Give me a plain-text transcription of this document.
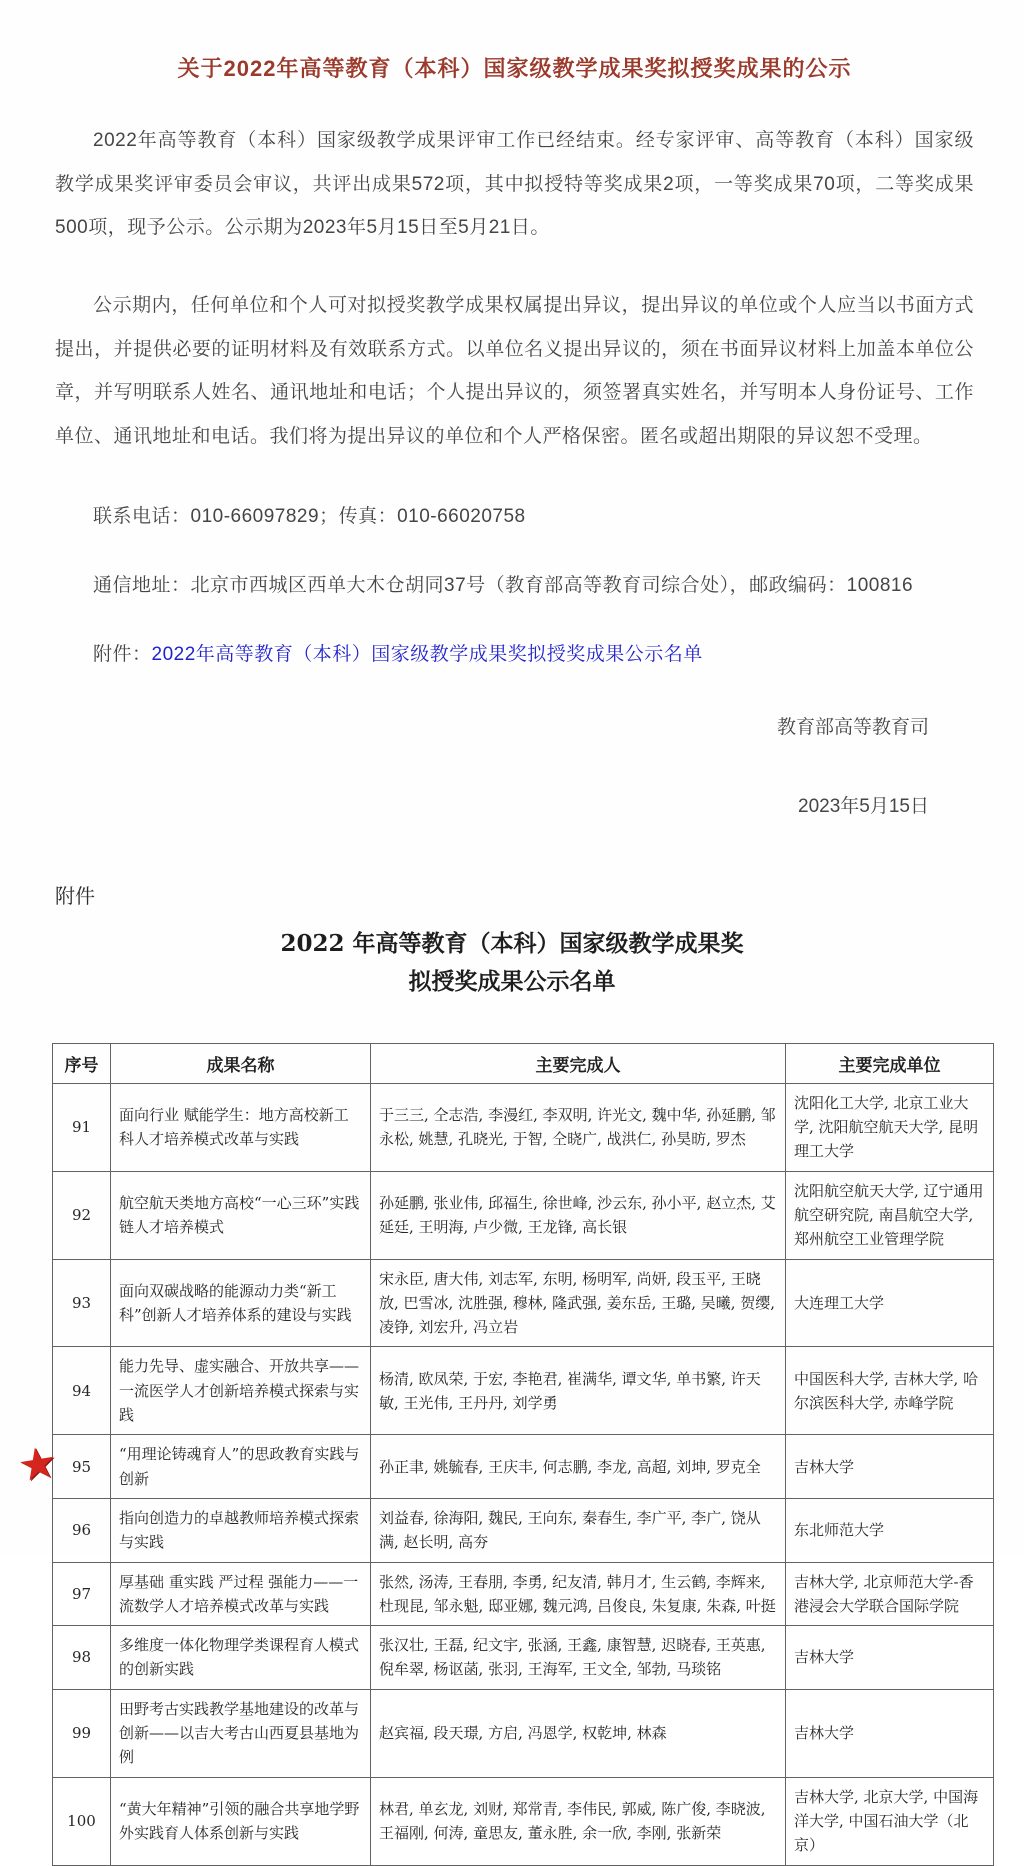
关于2022年高等教育（本科）国家级教学成果奖拟授奖成果的公示

2022年高等教育（本科）国家级教学成果评审工作已经结束。经专家评审、高等教育（本科）国家级教学成果奖评审委员会审议，共评出成果572项，其中拟授特等奖成果2项，一等奖成果70项，二等奖成果500项，现予公示。公示期为2023年5月15日至5月21日。

公示期内，任何单位和个人可对拟授奖教学成果权属提出异议，提出异议的单位或个人应当以书面方式提出，并提供必要的证明材料及有效联系方式。以单位名义提出异议的，须在书面异议材料上加盖本单位公章，并写明联系人姓名、通讯地址和电话；个人提出异议的，须签署真实姓名，并写明本人身份证号、工作单位、通讯地址和电话。我们将为提出异议的单位和个人严格保密。匿名或超出期限的异议恕不受理。

联系电话：010-66097829；传真：010-66020758

通信地址：北京市西城区西单大木仓胡同37号（教育部高等教育司综合处），邮政编码：100816

附件：2022年高等教育（本科）国家级教学成果奖拟授奖成果公示名单

教育部高等教育司

2023年5月15日

附件
2022 年高等教育（本科）国家级教学成果奖
拟授奖成果公示名单
序号	成果名称	主要完成人	主要完成单位
91	面向行业 赋能学生：地方高校新工科人才培养模式改革与实践	于三三, 仝志浩, 李漫红, 李双明, 许光文, 魏中华, 孙延鹏, 邹永松, 姚慧, 孔晓光, 于智, 仝晓广, 战洪仁, 孙昊昉, 罗杰	沈阳化工大学, 北京工业大学, 沈阳航空航天大学, 昆明理工大学
92	航空航天类地方高校“一心三环”实践链人才培养模式	孙延鹏, 张业伟, 邱福生, 徐世峰, 沙云东, 孙小平, 赵立杰, 艾延廷, 王明海, 卢少微, 王龙锋, 高长银	沈阳航空航天大学, 辽宁通用航空研究院, 南昌航空大学, 郑州航空工业管理学院
93	面向双碳战略的能源动力类“新工科”创新人才培养体系的建设与实践	宋永臣, 唐大伟, 刘志军, 东明, 杨明军, 尚妍, 段玉平, 王晓放, 巴雪冰, 沈胜强, 穆林, 隆武强, 姜东岳, 王璐, 吴曦, 贺缨, 凌铮, 刘宏升, 冯立岩	大连理工大学
94	能力先导、虚实融合、开放共享——一流医学人才创新培养模式探索与实践	杨清, 欧凤荣, 于宏, 李艳君, 崔满华, 谭文华, 单书繁, 许天敏, 王光伟, 王丹丹, 刘学勇	中国医科大学, 吉林大学, 哈尔滨医科大学, 赤峰学院
95	“用理论铸魂育人”的思政教育实践与创新	孙正聿, 姚毓春, 王庆丰, 何志鹏, 李龙, 高超, 刘坤, 罗克全	吉林大学
96	指向创造力的卓越教师培养模式探索与实践	刘益春, 徐海阳, 魏民, 王向东, 秦春生, 李广平, 李广, 饶从满, 赵长明, 高夯	东北师范大学
97	厚基础 重实践 严过程 强能力——一流数学人才培养模式改革与实践	张然, 汤涛, 王春朋, 李勇, 纪友清, 韩月才, 生云鹤, 李辉来, 杜现昆, 邹永魁, 邸亚娜, 魏元鸿, 吕俊良, 朱复康, 朱森, 叶挺	吉林大学, 北京师范大学-香港浸会大学联合国际学院
98	多维度一体化物理学类课程育人模式的创新实践	张汉壮, 王磊, 纪文宇, 张涵, 王鑫, 康智慧, 迟晓春, 王英惠, 倪牟翠, 杨讴菡, 张羽, 王海军, 王文全, 邹勃, 马琰铭	吉林大学
99	田野考古实践教学基地建设的改革与创新——以吉大考古山西夏县基地为例	赵宾福, 段天璟, 方启, 冯恩学, 权乾坤, 林森	吉林大学
100	“黄大年精神”引领的融合共享地学野外实践育人体系创新与实践	林君, 单玄龙, 刘财, 郑常青, 李伟民, 郭威, 陈广俊, 李晓波, 王福刚, 何涛, 童思友, 董永胜, 余一欣, 李刚, 张新荣	吉林大学, 北京大学, 中国海洋大学, 中国石油大学（北京）
★
